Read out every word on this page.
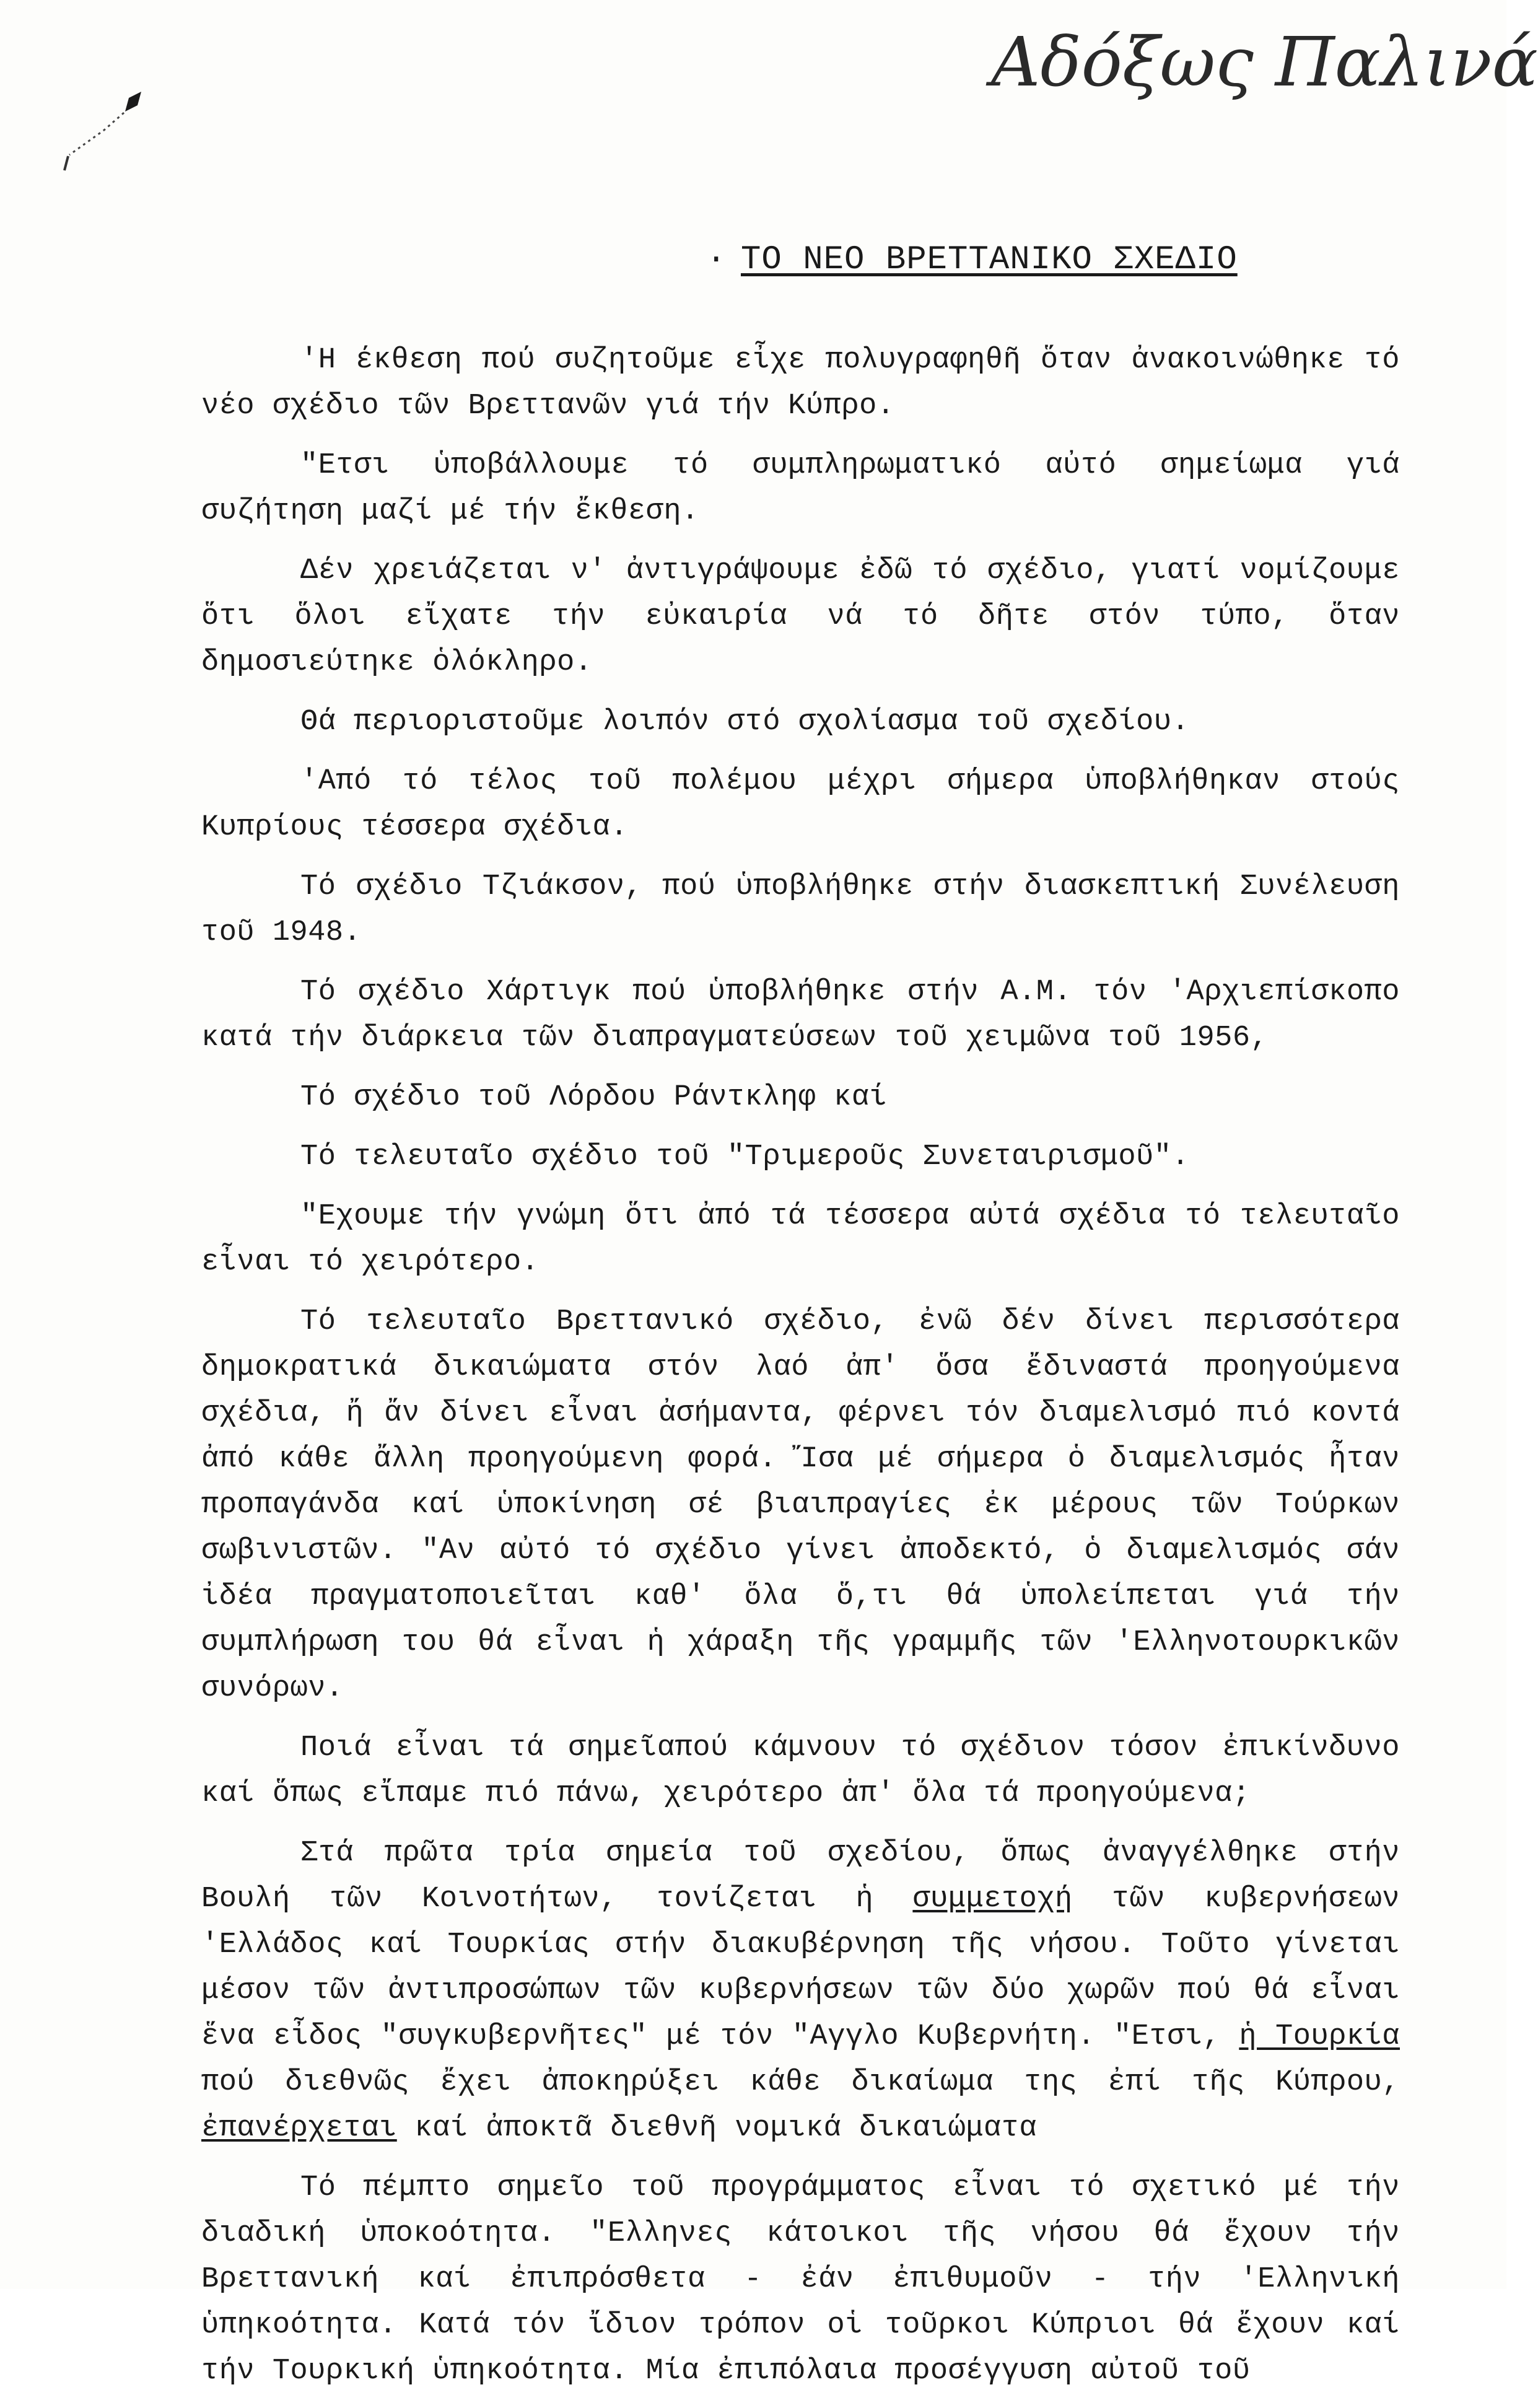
Αδόξως Παλινά
· ΤΟ ΝΕΟ ΒΡΕΤΤΑΝΙΚΟ ΣΧΕΔΙΟ

'Η έκθεση πού συζητοῦμε εἶχε πολυγραφηθῆ ὅταν ἀνακοινώθηκε τό νέο σχέδιο τῶν Βρεττανῶν γιά τήν Κύπρο.

"Ετσι ὑποβάλλουμε τό συμπληρωματικό αὐτό σημείωμα γιά συζήτηση μαζί μέ τήν ἔκθεση.

Δέν χρειάζεται ν' ἀντιγράψουμε ἐδῶ τό σχέδιο, γιατί νομίζουμε ὅτι ὅλοι εἴχατε τήν εὐκαιρία νά τό δῆτε στόν τύπο, ὅταν δημοσιεύτηκε ὁλόκληρο.

Θά περιοριστοῦμε λοιπόν στό σχολίασμα τοῦ σχεδίου.

'Από τό τέλος τοῦ πολέμου μέχρι σήμερα ὑποβλήθηκαν στούς Κυπρίους τέσσερα σχέδια.

Τό σχέδιο Τζιάκσον, πού ὑποβλήθηκε στήν διασκεπτική Συνέλευση τοῦ 1948.

Τό σχέδιο Χάρτιγκ πού ὑποβλήθηκε στήν Α.Μ. τόν 'Αρχιεπίσκοπο κατά τήν διάρκεια τῶν διαπραγματεύσεων τοῦ χειμῶνα τοῦ 1956,

Τό σχέδιο τοῦ Λόρδου Ράντκληφ καί

Τό τελευταῖο σχέδιο τοῦ "Τριμεροῦς Συνεταιρισμοῦ".

"Εχουμε τήν γνώμη ὅτι ἀπό τά τέσσερα αὐτά σχέδια τό τελευταῖο εἶναι τό χειρότερο.

Τό τελευταῖο Βρεττανικό σχέδιο, ἐνῶ δέν δίνει περισσότερα δημοκρατικά δικαιώματα στόν λαό ἀπ' ὅσα ἔδιναστά προηγούμενα σχέδια, ἤ ἄν δίνει εἶναι ἀσήμαντα, φέρνει τόν διαμελισμό πιό κοντά ἀπό κάθε ἄλλη προηγούμενη φορά. Ἴσα μέ σήμερα ὁ διαμελισμός ἦταν προπαγάνδα καί ὑποκίνηση σέ βιαιπραγίες ἐκ μέρους τῶν Τούρκων σωβινιστῶν. "Αν αὐτό τό σχέδιο γίνει ἀποδεκτό, ὁ διαμελισμός σάν ἰδέα πραγματοποιεῖται καθ' ὅλα ὅ,τι θά ὑπολείπεται γιά τήν συμπλήρωση του θά εἶναι ἡ χάραξη τῆς γραμμῆς τῶν 'Ελληνοτουρκικῶν συνόρων.

Ποιά εἶναι τά σημεῖαπού κάμνουν τό σχέδιον τόσον ἐπικίνδυνο καί ὅπως εἴπαμε πιό πάνω, χειρότερο ἀπ' ὅλα τά προηγούμενα;

Στά πρῶτα τρία σημεία τοῦ σχεδίου, ὅπως ἀναγγέλθηκε στήν Βουλή τῶν Κοινοτήτων, τονίζεται ἡ συμμετοχή τῶν κυβερνήσεων 'Ελλάδος καί Τουρκίας στήν διακυβέρνηση τῆς νήσου. Τοῦτο γίνεται μέσον τῶν ἀντιπροσώπων τῶν κυβερνήσεων τῶν δύο χωρῶν πού θά εἶναι ἕνα εἶδος "συγκυβερνῆτες" μέ τόν "Αγγλο Κυβερνήτη. "Ετσι, ἡ Τουρκία πού διεθνῶς ἔχει ἀποκηρύξει κάθε δικαίωμα της ἐπί τῆς Κύπρου, ἐπανέρχεται καί ἀποκτᾶ διεθνῆ νομικά δικαιώματα

Τό πέμπτο σημεῖο τοῦ προγράμματος εἶναι τό σχετικό μέ τήν διαδική ὑποκοότητα. "Ελληνες κάτοικοι τῆς νήσου θά ἔχουν τήν Βρεττανική καί ἐπιπρόσθετα - ἐάν ἐπιθυμοῦν - τήν 'Ελληνική ὑπηκοότητα. Κατά τόν ἴδιον τρόπον οἱ τοῦρκοι Κύπριοι θά ἔχουν καί τήν Τουρκική ὑπηκοότητα. Μία ἐπιπόλαια προσέγγυση αὐτοῦ τοῦ
